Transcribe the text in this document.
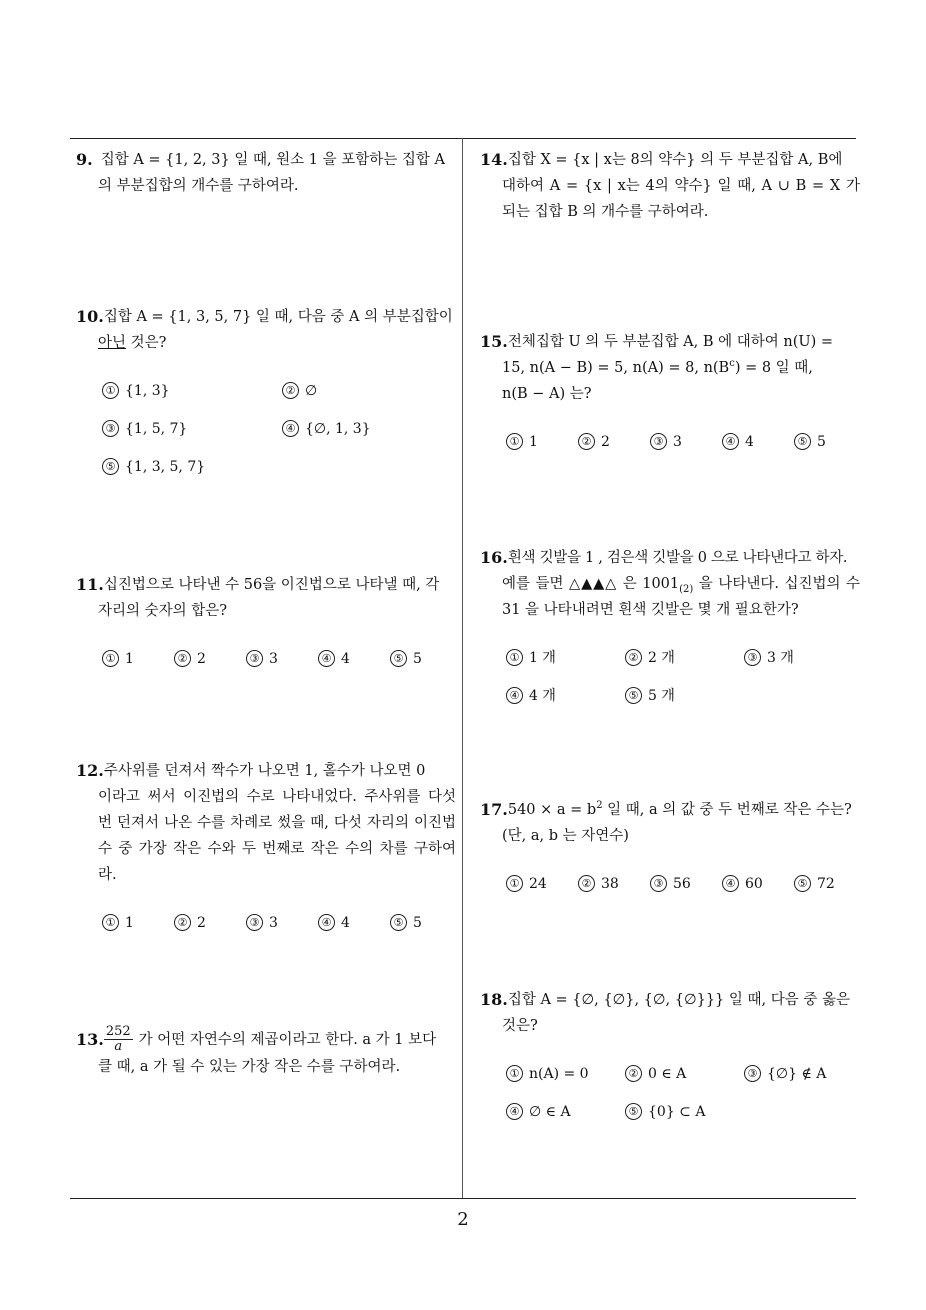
9. 집합 A = {1, 2, 3} 일 때, 원소 1 을 포함하는 집합 A
의 부분집합의 개수를 구하여라.
10. 집합 A = {1, 3, 5, 7} 일 때, 다음 중 A 의 부분집합이
아닌 것은?
① {1, 3}	② ∅
③ {1, 5, 7}	④ {∅, 1, 3}
⑤ {1, 3, 5, 7}
11. 십진법으로 나타낸 수 56을 이진법으로 나타낼 때, 각
자리의 숫자의 합은?
① 1	② 2	③ 3	④ 4	⑤ 5
12. 주사위를 던져서 짝수가 나오면 1, 홀수가 나오면 0
이라고 써서 이진법의 수로 나타내었다. 주사위를 다섯 번 던져서 나온 수를 차례로 썼을 때, 다섯 자리의 이진법 수 중 가장 작은 수와 두 번째로 작은 수의 차를 구하여라.
① 1	② 2	③ 3	④ 4	⑤ 5
13. $\frac{252}{a}$ 가 어떤 자연수의 제곱이라고 한다. a 가 1 보다
클 때, a 가 될 수 있는 가장 작은 수를 구하여라.
14. 집합 X = {x | x는 8의 약수} 의 두 부분집합 A, B에
대하여 A = {x | x는 4의 약수} 일 때, A ∪ B = X 가 되는 집합 B 의 개수를 구하여라.
15. 전체집합 U 의 두 부분집합 A, B 에 대하여 n(U) =
15, n(A − B) = 5, n(A) = 8, $n(B^c) = 8$ 일 때,
n(B − A) 는?
① 1	② 2	③ 3	④ 4	⑤ 5
16. 흰색 깃발을 1 , 검은색 깃발을 0 으로 나타낸다고 하자.
예를 들면 △▲▲△ 은 $1001_{(2)}$ 을 나타낸다. 십진법의 수 31 을 나타내려면 흰색 깃발은 몇 개 필요한가?
① 1 개	② 2 개	③ 3 개
④ 4 개	⑤ 5 개
17. $540 \times a = b^2$ 일 때, a 의 값 중 두 번째로 작은 수는?
(단, a, b 는 자연수)
① 24	② 38	③ 56	④ 60	⑤ 72
18. 집합 A = {∅, {∅}, {∅, {∅}}} 일 때, 다음 중 옳은
것은?
① n(A) = 0	② 0 ∈ A	③ {∅} ∉ A
④ ∅ ∈ A	⑤ {0} ⊂ A
2
